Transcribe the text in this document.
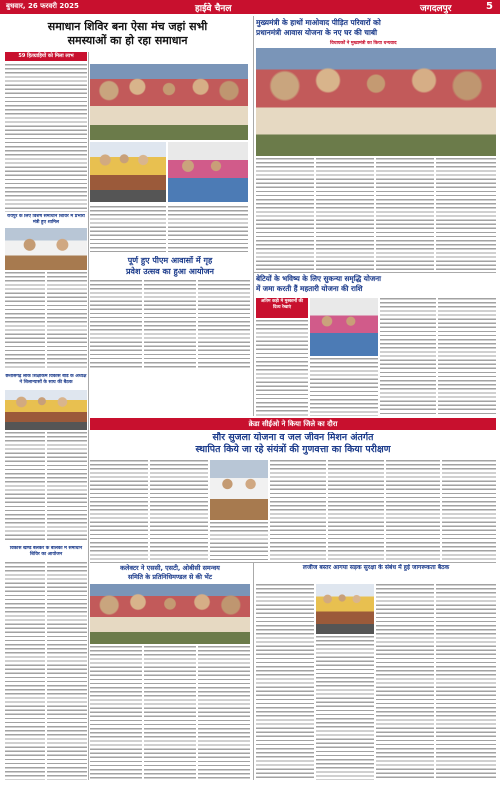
बुधवार, 26 फरवरी 2025	हाईवे चैनल	जगदलपुर	5
समाधान शिविर बना ऐसा मंच जहां सभी
समस्याओं का हो रहा समाधान
59 हितग्राहियों को मिला लाभ
रायपुर के लिए विशेष समाधान शिविर में प्रभारी मंत्री हुए शामिल
मुख्यमंत्री के हाथों माओवाद पीड़ित परिवारों को
प्रधानमंत्री आवास योजना के नए घर की चाबी
विधायकों ने मुख्यमंत्री का किया धन्यवाद
पूर्ण हुए पीएम आवासों में गृह
प्रवेश उत्सव का हुआ आयोजन
बेटियों के भविष्य के लिए सुकन्या समृद्धि योजना
में जमा करती हैं महतारी योजना की राशि
अतिम कड़ी मे मुस्कानों की दिव्य रेखाएं
छत्तीसगढ़ लोक शिक्षाकर्म विकास बोर्ड के अध्यक्ष ने शिलान्यासों के साथ की बैठक
क्रेडा सीईओ ने किया जिले का दौरा
सौर सुजला योजना व जल जीवन मिशन अंतर्गत
स्थापित किये जा रहे संयंत्रों की गुणवत्ता का किया परीक्षण
विकास खण्ड बेलकर के बालकों में समाधान शिविर का आयोजन
कलेक्टर ने एससी, एसटी, ओबीसी समन्वय
समिति के प्रतिनिधिमण्डल से की भेंट
लजीज बस्तर आगया सड़क सुरक्षा के संबंध में हुई जागरूकता बैठक
